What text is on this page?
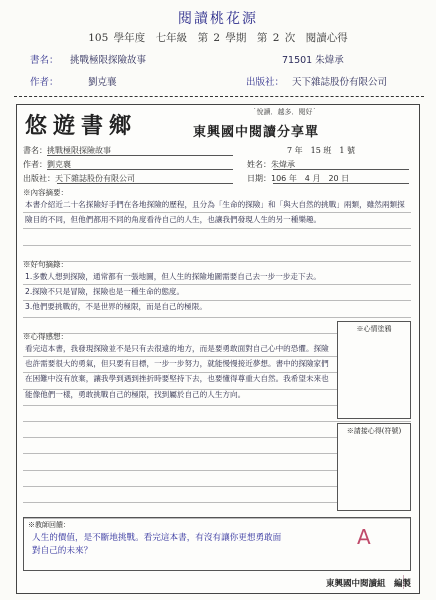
閱讀桃花源
105 學年度　七年級　第 2 學期　第 2 次　閱讀心得
書名： 挑戰極限探險故事	71501 朱煒承
作者：	劉克襄	出版社： 天下雜誌股份有限公司
悠遊書鄉
˙悅讀．越多．閱好˙
東興國中閱讀分享單
書名：挑戰極限探險故事	7 年　15 班　1 號
作者：劉克襄	姓名：朱煒承
出版社：天下雜誌股份有限公司	日期：106 年　4 月　20 日
※內容摘要：
本書介紹近二十名探險好手們在各地探險的歷程，且分為「生命的探險」和「與大自然的挑戰」兩類，雖然兩類探險目的不同，但他們都用不同的角度看待自己的人生，也讓我們發現人生的另一種樂趣。
※好句摘錄：

1.多數人想到探險，通常都有一張地圖，但人生的探險地圖需要自己去一步一步走下去。

2.探險不只是冒險，探險也是一種生命的態度。

3.他們要挑戰的，不是世界的極限，而是自己的極限。

※心得感想：
看完這本書，我發現探險並不是只有去很遠的地方，而是要勇敢面對自己心中的恐懼。探險也許需要很大的勇氣，但只要有目標，一步一步努力，就能慢慢接近夢想。書中的探險家們在困難中沒有放棄，讓我學到遇到挫折時要堅持下去，也要懂得尊重大自然。我希望未來也能像他們一樣，勇敢挑戰自己的極限，找到屬於自己的人生方向。
※心情塗鴉
※請接心得(符號)
※教師回饋：
人生的價值，是不斷地挑戰。看完這本書，有沒有讓你更想勇敢面對自己的未來？
A
東興國中閱讀組　編製
